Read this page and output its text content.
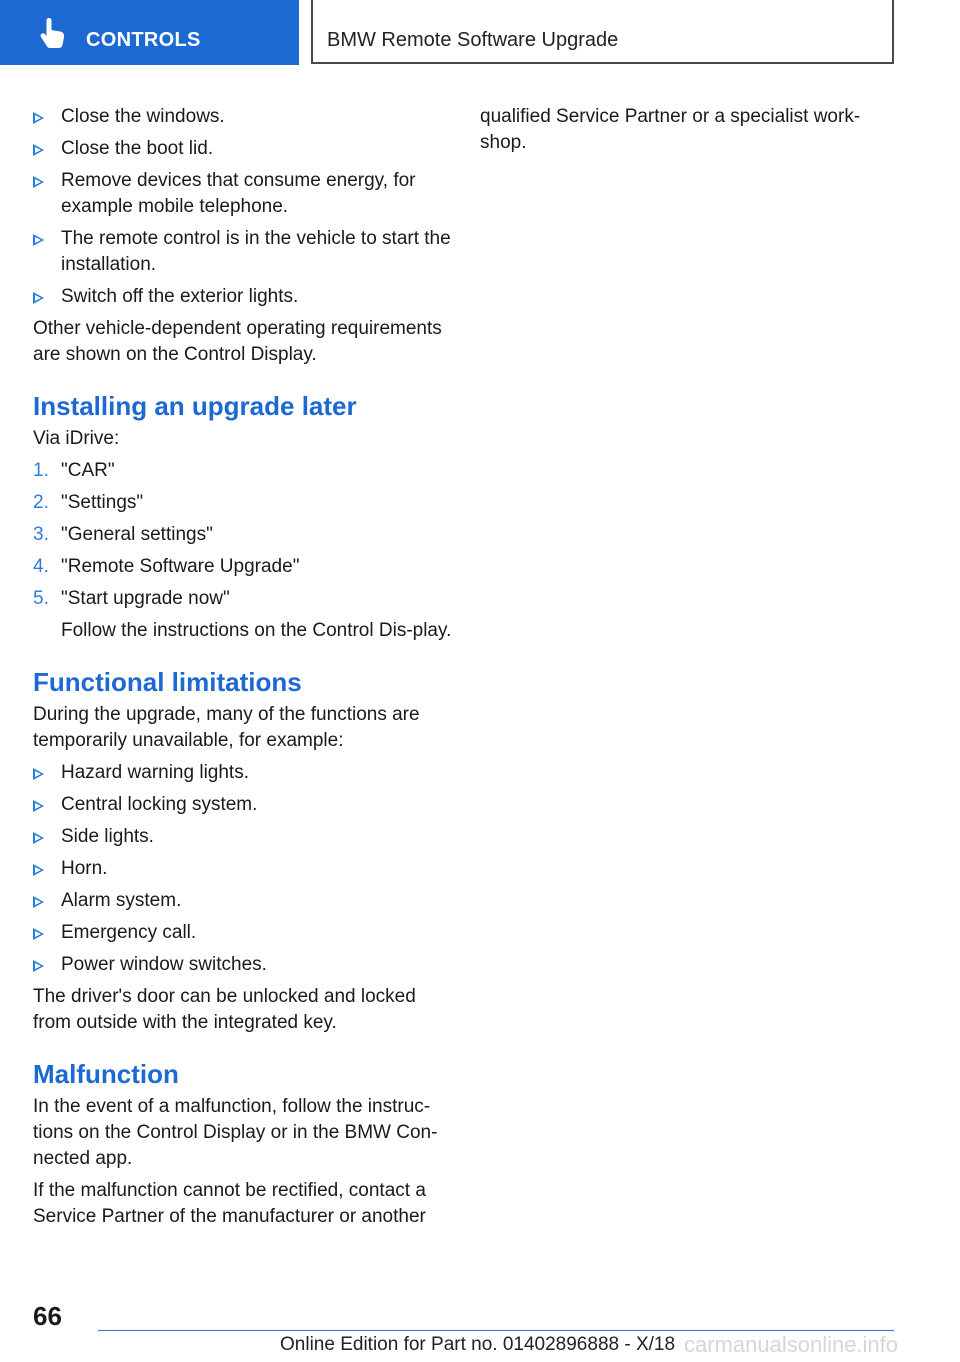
CONTROLS	BMW Remote Software Upgrade
Close the windows.
Close the boot lid.
Remove devices that consume energy, for example mobile telephone.
The remote control is in the vehicle to start the installation.
Switch off the exterior lights.

Other vehicle-dependent operating requirements are shown on the Control Display.

Installing an upgrade later

Via iDrive:

1. "CAR"
2. "Settings"
3. "General settings"
4. "Remote Software Upgrade"
5. "Start upgrade now"
Follow the instructions on the Control Dis-play.
Functional limitations

During the upgrade, many of the functions are temporarily unavailable, for example:

Hazard warning lights.
Central locking system.
Side lights.
Horn.
Alarm system.
Emergency call.
Power window switches.

The driver's door can be unlocked and locked from outside with the integrated key.

Malfunction

In the event of a malfunction, follow the instruc-tions on the Control Display or in the BMW Con-nected app.

If the malfunction cannot be rectified, contact a Service Partner of the manufacturer or another

qualified Service Partner or a specialist work-shop.

66
Online Edition for Part no. 01402896888 - X/18 carmanualsonline.info
